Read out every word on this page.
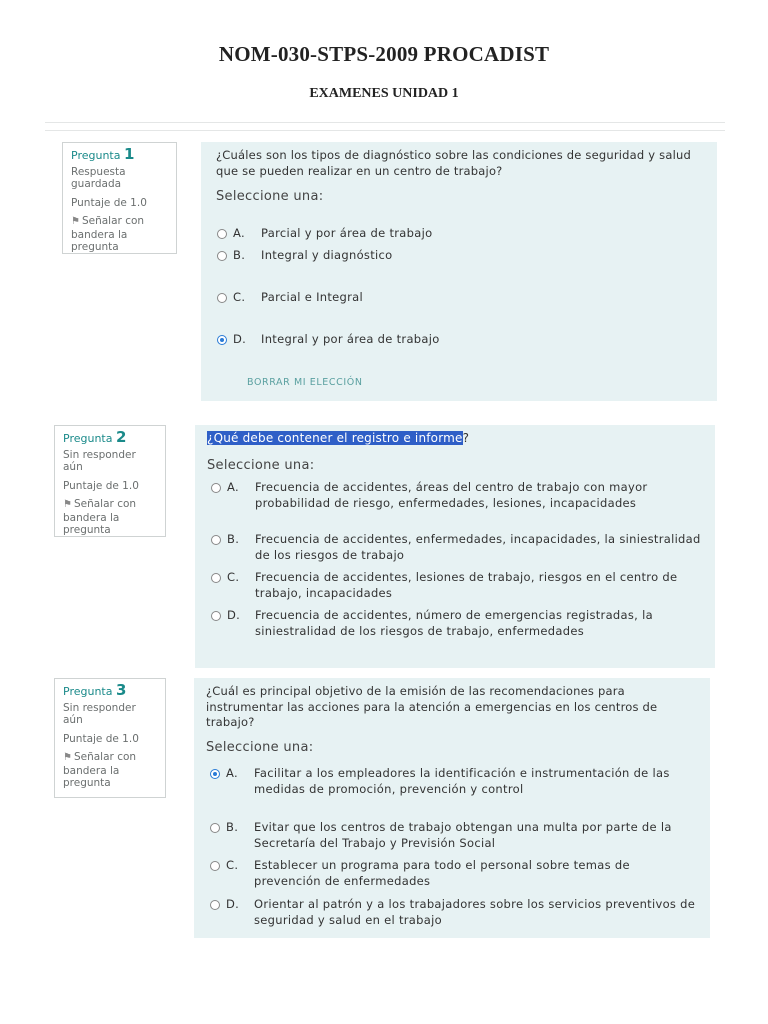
NOM-030-STPS-2009 PROCADIST
EXAMENES UNIDAD 1
Pregunta 1
Respuesta guardada
Puntaje de 1.0
⚑ Señalar con bandera la pregunta
¿Cuáles son los tipos de diagnóstico sobre las condiciones de seguridad y salud que se pueden realizar en un centro de trabajo?
Seleccione una:
A.	Parcial y por área de trabajo
B.	Integral y diagnóstico
C.	Parcial e Integral
D.	Integral y por área de trabajo
BORRAR MI ELECCIÓN
Pregunta 2
Sin responder aún
Puntaje de 1.0
⚑ Señalar con bandera la pregunta
¿Qué debe contener el registro e informe?
Seleccione una:
A.	Frecuencia de accidentes, áreas del centro de trabajo con mayor probabilidad de riesgo, enfermedades, lesiones, incapacidades
B.	Frecuencia de accidentes, enfermedades, incapacidades, la siniestralidad de los riesgos de trabajo
C.	Frecuencia de accidentes, lesiones de trabajo, riesgos en el centro de trabajo, incapacidades
D.	Frecuencia de accidentes, número de emergencias registradas, la siniestralidad de los riesgos de trabajo, enfermedades
Pregunta 3
Sin responder aún
Puntaje de 1.0
⚑ Señalar con bandera la pregunta
¿Cuál es principal objetivo de la emisión de las recomendaciones para instrumentar las acciones para la atención a emergencias en los centros de trabajo?
Seleccione una:
A.	Facilitar a los empleadores la identificación e instrumentación de las medidas de promoción, prevención y control
B.	Evitar que los centros de trabajo obtengan una multa por parte de la Secretaría del Trabajo y Previsión Social
C.	Establecer un programa para todo el personal sobre temas de prevención de enfermedades
D.	Orientar al patrón y a los trabajadores sobre los servicios preventivos de seguridad y salud en el trabajo
